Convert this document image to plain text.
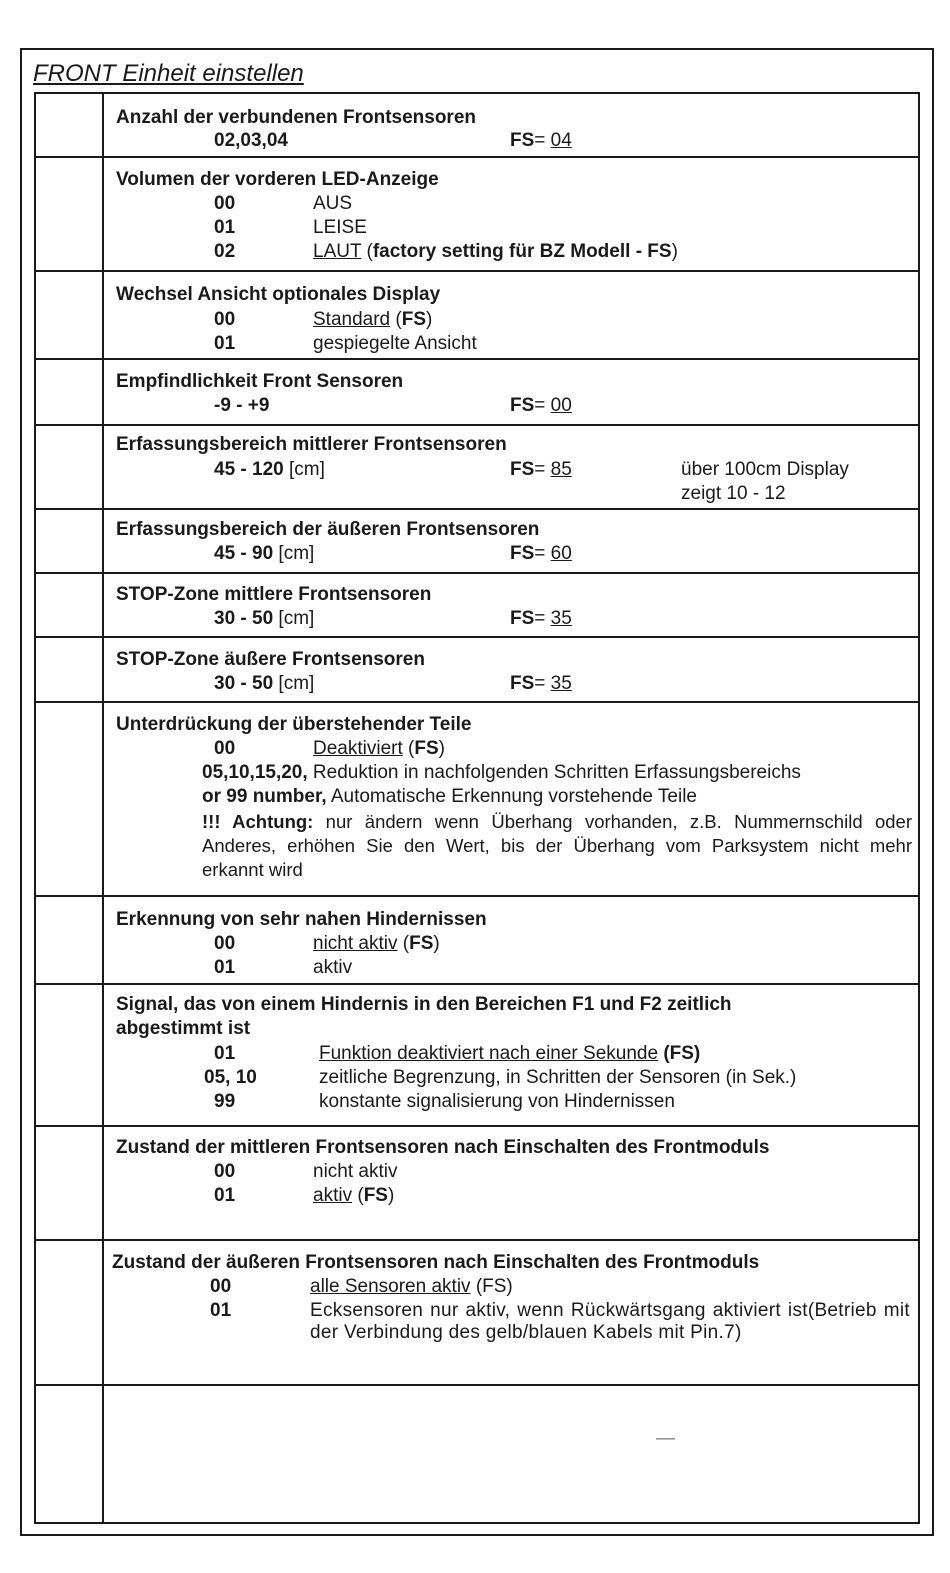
FRONT Einheit einstellen
Anzahl der verbundenen Frontsensoren
02,03,04	FS= 04
Volumen der vorderen LED-Anzeige
00	AUS
01	LEISE
02	LAUT (factory setting für BZ Modell - FS)
Wechsel Ansicht optionales Display
00	Standard (FS)
01	gespiegelte Ansicht
Empfindlichkeit Front Sensoren
-9 - +9	FS= 00
Erfassungsbereich mittlerer Frontsensoren
45 - 120 [cm]	FS= 85	über 100cm Display
zeigt 10 - 12
Erfassungsbereich der äußeren Frontsensoren
45 - 90 [cm]	FS= 60
STOP-Zone mittlere Frontsensoren
30 - 50 [cm]	FS= 35
STOP-Zone äußere Frontsensoren
30 - 50 [cm]	FS= 35
Unterdrückung der überstehender Teile
00	Deaktiviert (FS)
05,10,15,20, Reduktion in nachfolgenden Schritten Erfassungsbereichs
or 99 number, Automatische Erkennung vorstehende Teile
!!! Achtung: nur ändern wenn Überhang vorhanden, z.B. Nummernschild oder Anderes, erhöhen Sie den Wert, bis der Überhang vom Parksystem nicht mehr erkannt wird
Erkennung von sehr nahen Hindernissen
00	nicht aktiv (FS)
01	aktiv
Signal, das von einem Hindernis in den Bereichen F1 und F2 zeitlich
abgestimmt ist
01	Funktion deaktiviert nach einer Sekunde (FS)
05, 10	zeitliche Begrenzung, in Schritten der Sensoren (in Sek.)
99	konstante signalisierung von Hindernissen
Zustand der mittleren Frontsensoren nach Einschalten des Frontmoduls
00	nicht aktiv
01	aktiv (FS)
Zustand der äußeren Frontsensoren nach Einschalten des Frontmoduls
00	alle Sensoren aktiv (FS)
01	Ecksensoren nur aktiv, wenn Rückwärtsgang aktiviert ist(Betrieb mit der Verbindung des gelb/blauen Kabels mit Pin.7)
—
